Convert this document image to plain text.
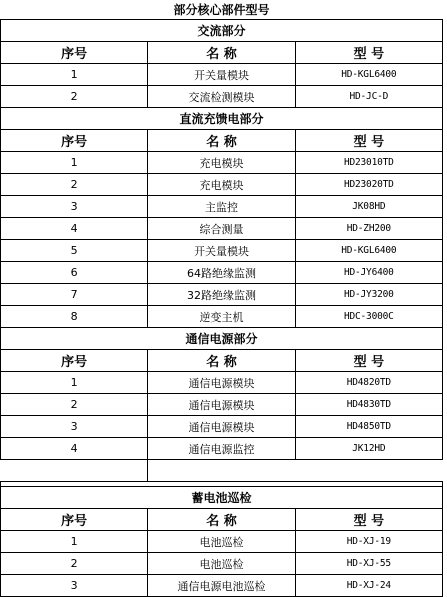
部分核心部件型号		
交流部分		
序号	名 称	型 号
1	开关量模块	HD-KGL6400
2	交流检测模块	HD-JC-D
直流充馈电部分		
序号	名 称	型 号
1	充电模块	HD23010TD
2	充电模块	HD23020TD
3	主监控	JK08HD
4	综合测量	HD-ZH200
5	开关量模块	HD-KGL6400
6	64路绝缘监测	HD-JY6400
7	32路绝缘监测	HD-JY3200
8	逆变主机	HDC-3000C
通信电源部分		
序号	名 称	型 号
1	通信电源模块	HD4820TD
2	通信电源模块	HD4830TD
3	通信电源模块	HD4850TD
4	通信电源监控	JK12HD

蓄电池巡检		
序号	名 称	型 号
1	电池巡检	HD-XJ-19
2	电池巡检	HD-XJ-55
3	通信电源电池巡检	HD-XJ-24
